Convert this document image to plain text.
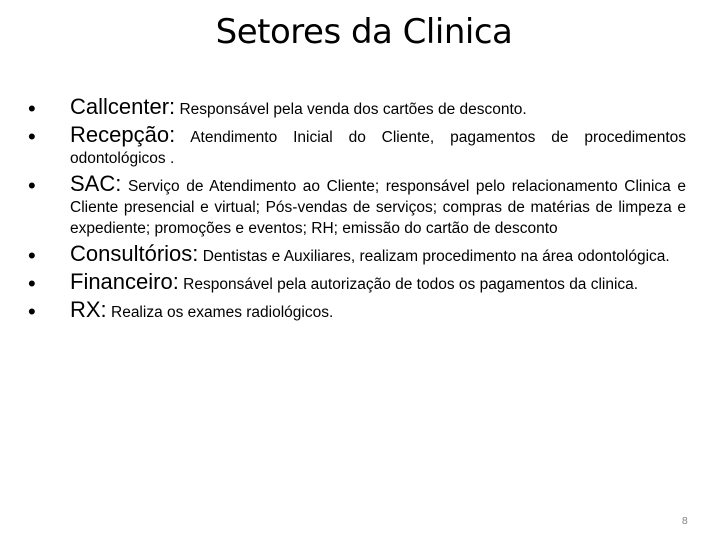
Setores da Clinica
•	Callcenter: Responsável pela venda dos cartões de desconto.
•	Recepção: Atendimento Inicial do Cliente, pagamentos de procedimentos odontológicos .
•	SAC: Serviço de Atendimento ao Cliente; responsável pelo relacionamento Clinica e Cliente presencial e virtual; Pós-vendas de serviços; compras de matérias de limpeza e expediente; promoções e eventos; RH; emissão do cartão de desconto
•	Consultórios: Dentistas e Auxiliares, realizam procedimento na área odontológica.
•	Financeiro: Responsável pela autorização de todos os pagamentos da clinica.
•	RX: Realiza os exames radiológicos.
8
